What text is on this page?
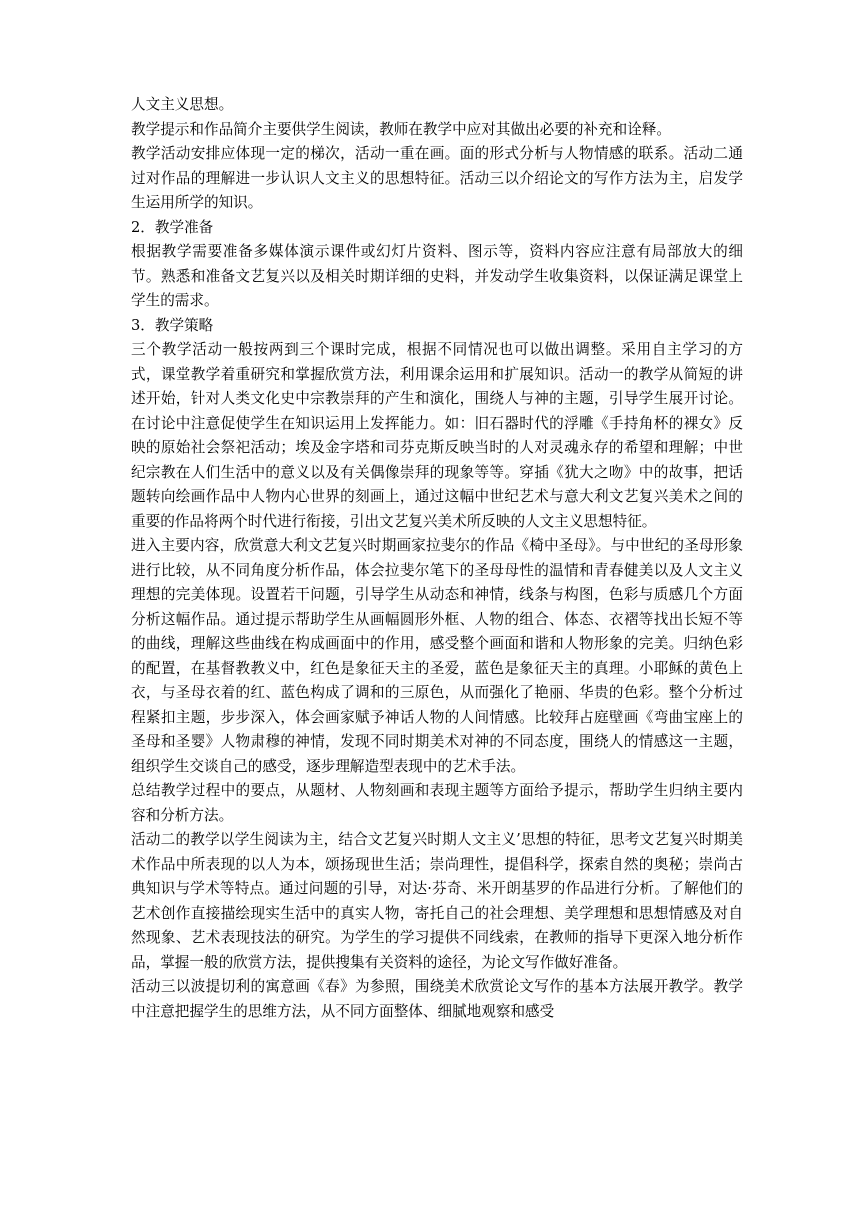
人文主义思想。

教学提示和作品简介主要供学生阅读，教师在教学中应对其做出必要的补充和诠释。

教学活动安排应体现一定的梯次，活动一重在画。面的形式分析与人物情感的联系。活动二通过对作品的理解进一步认识人文主义的思想特征。活动三以介绍论文的写作方法为主，启发学生运用所学的知识。

2．教学准备

根据教学需要准备多媒体演示课件或幻灯片资料、图示等，资料内容应注意有局部放大的细节。熟悉和准备文艺复兴以及相关时期详细的史料，并发动学生收集资料，以保证满足课堂上学生的需求。

3．教学策略

三个教学活动一般按两到三个课时完成，根据不同情况也可以做出调整。采用自主学习的方式，课堂教学着重研究和掌握欣赏方法，利用课余运用和扩展知识。活动一的教学从简短的讲述开始，针对人类文化史中宗教崇拜的产生和演化，围绕人与神的主题，引导学生展开讨论。在讨论中注意促使学生在知识运用上发挥能力。如：旧石器时代的浮雕《手持角杯的裸女》反映的原始社会祭祀活动；埃及金字塔和司芬克斯反映当时的人对灵魂永存的希望和理解；中世纪宗教在人们生活中的意义以及有关偶像崇拜的现象等等。穿插《犹大之吻》中的故事，把话题转向绘画作品中人物内心世界的刻画上，通过这幅中世纪艺术与意大利文艺复兴美术之间的重要的作品将两个时代进行衔接，引出文艺复兴美术所反映的人文主义思想特征。

进入主要内容，欣赏意大利文艺复兴时期画家拉斐尔的作品《椅中圣母》。与中世纪的圣母形象进行比较，从不同角度分析作品，体会拉斐尔笔下的圣母母性的温情和青春健美以及人文主义理想的完美体现。设置若干问题，引导学生从动态和神情，线条与构图，色彩与质感几个方面分析这幅作品。通过提示帮助学生从画幅圆形外框、人物的组合、体态、衣褶等找出长短不等的曲线，理解这些曲线在构成画面中的作用，感受整个画面和谐和人物形象的完美。归纳色彩的配置，在基督教教义中，红色是象征天主的圣爱，蓝色是象征天主的真理。小耶稣的黄色上衣，与圣母衣着的红、蓝色构成了调和的三原色，从而强化了艳丽、华贵的色彩。整个分析过程紧扣主题，步步深入，体会画家赋予神话人物的人间情感。比较拜占庭壁画《弯曲宝座上的圣母和圣婴》人物肃穆的神情，发现不同时期美术对神的不同态度，围绕人的情感这一主题，组织学生交谈自己的感受，逐步理解造型表现中的艺术手法。

总结教学过程中的要点，从题材、人物刻画和表现主题等方面给予提示，帮助学生归纳主要内容和分析方法。

活动二的教学以学生阅读为主，结合文艺复兴时期人文主义’思想的特征，思考文艺复兴时期美术作品中所表现的以人为本，颂扬现世生活；崇尚理性，提倡科学，探索自然的奥秘；崇尚古典知识与学术等特点。通过问题的引导，对达·芬奇、米开朗基罗的作品进行分析。了解他们的艺术创作直接描绘现实生活中的真实人物，寄托自己的社会理想、美学理想和思想情感及对自然现象、艺术表现技法的研究。为学生的学习提供不同线索，在教师的指导下更深入地分析作品，掌握一般的欣赏方法，提供搜集有关资料的途径，为论文写作做好准备。

活动三以波提切利的寓意画《春》为参照，围绕美术欣赏论文写作的基本方法展开教学。教学中注意把握学生的思维方法，从不同方面整体、细腻地观察和感受
